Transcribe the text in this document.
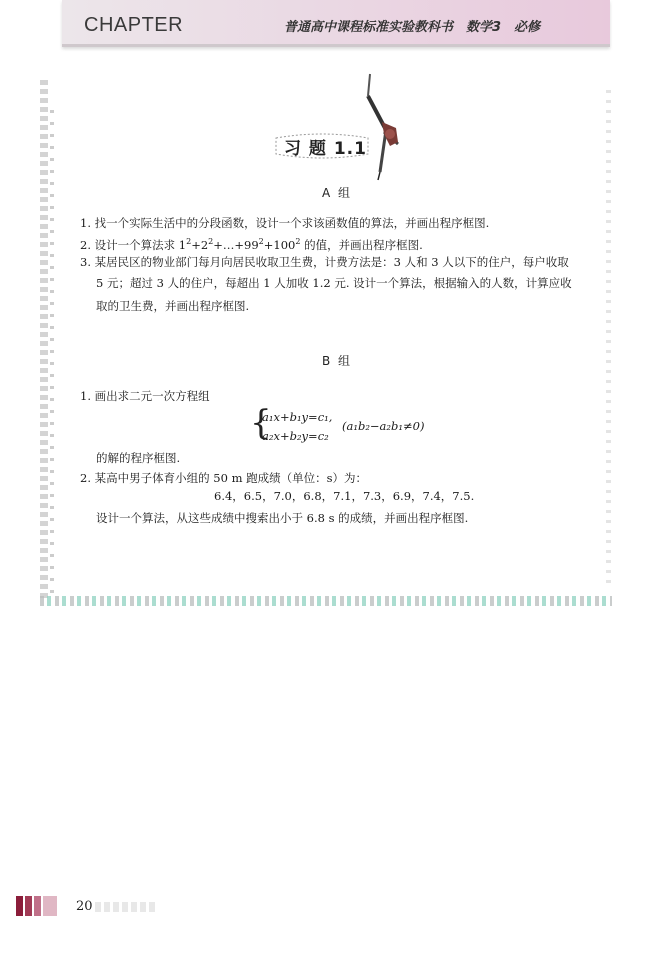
CHAPTER	普通高中课程标准实验教科书　数学3　必修
习 题 1.1
A 组
1. 找一个实际生活中的分段函数，设计一个求该函数值的算法，并画出程序框图.
2. 设计一个算法求 $1^2+2^2+\dots+99^2+100^2$ 的值，并画出程序框图.
3. 某居民区的物业部门每月向居民收取卫生费，计费方法是：3 人和 3 人以下的住户，每户收取
5 元；超过 3 人的住户，每超出 1 人加收 1.2 元. 设计一个算法，根据输入的人数，计算应收
取的卫生费，并画出程序框图.
B 组
1. 画出求二元一次方程组
{
a₁x+b₁y=c₁,
a₂x+b₂y=c₂
(a₁b₂−a₂b₁≠0)
的解的程序框图.
2. 某高中男子体育小组的 50 m 跑成绩（单位：s）为：
6.4，6.5，7.0，6.8，7.1，7.3，6.9，7.4，7.5.
设计一个算法，从这些成绩中搜索出小于 6.8 s 的成绩，并画出程序框图.
20
